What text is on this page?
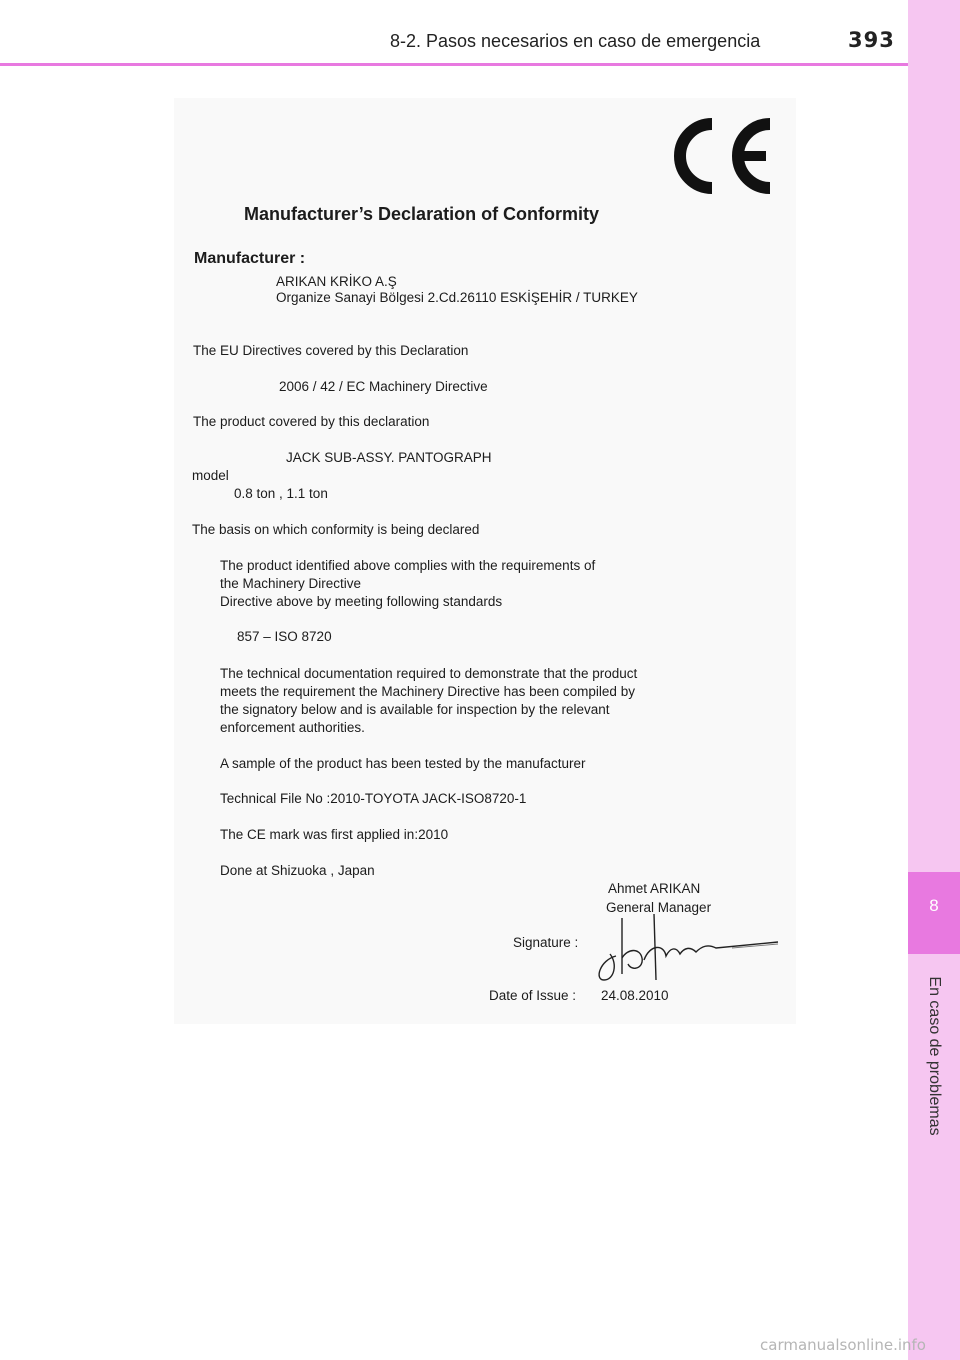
8-2. Pasos necesarios en caso de emergencia	393
8
En caso de problemas
Manufacturer’s Declaration of Conformity
Manufacturer :
ARIKAN KRİKO A.Ş
Organize Sanayi Bölgesi 2.Cd.26110 ESKİŞEHİR / TURKEY
The EU Directives covered by this Declaration
2006 / 42 / EC Machinery Directive
The product covered by this declaration
JACK SUB-ASSY. PANTOGRAPH
model
0.8 ton , 1.1 ton
The basis on which conformity is being declared
The product identified above complies with the requirements of
the Machinery Directive
Directive above by meeting following standards
857 – ISO 8720
The technical documentation required to demonstrate that the product
meets the requirement the Machinery Directive has been compiled by
the signatory below and is available for inspection by the relevant
enforcement authorities.
A sample of the product has been tested by the manufacturer
Technical File No :2010-TOYOTA JACK-ISO8720-1
The CE mark was first applied in:2010
Done at Shizuoka , Japan
Ahmet ARIKAN
General Manager
Signature :
Date of Issue : 24.08.2010
carmanualsonline.info
